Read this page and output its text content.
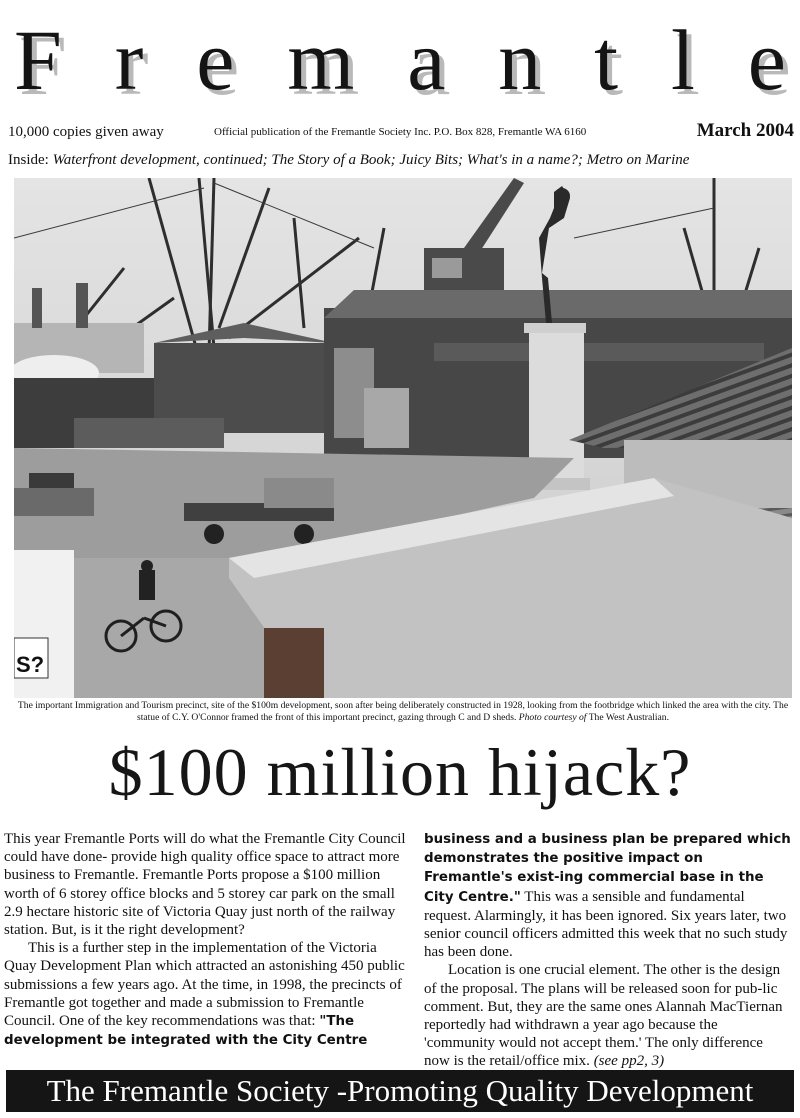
F r e m a n t l e
10,000 copies given away	Official publication of the Fremantle Society Inc. P.O. Box 828, Fremantle WA 6160	March 2004
Inside: Waterfront development, continued; The Story of a Book; Juicy Bits; What's in a name?; Metro on Marine
S?
The important Immigration and Tourism precinct, site of the $100m development, soon after being deliberately constructed in 1928, looking from the footbridge which linked the area with the city. The statue of C.Y. O'Connor framed the front of this important precinct, gazing through C and D sheds. Photo courtesy of The West Australian.
$100 million hijack?

This year Fremantle Ports will do what the Fremantle City Council could have done- provide high quality office space to attract more business to Fremantle. Fremantle Ports propose a $100 million worth of 6 storey office blocks and 5 storey car park on the small 2.9 hectare historic site of Victoria Quay just north of the railway station. But, is it the right development?

This is a further step in the implementation of the Victoria Quay Development Plan which attracted an astonishing 450 public submissions a few years ago. At the time, in 1998, the precincts of Fremantle got together and made a submission to Fremantle Council. One of the key recommendations was that: "The development be integrated with the City Centre

business and a business plan be prepared which demonstrates the positive impact on Fremantle's exist-ing commercial base in the City Centre." This was a sensible and fundamental request. Alarmingly, it has been ignored. Six years later, two senior council officers admitted this week that no such study has been done.

Location is one crucial element. The other is the design of the proposal. The plans will be released soon for pub-lic comment. But, they are the same ones Alannah MacTiernan reportedly had withdrawn a year ago because the 'community would not accept them.' The only difference now is the retail/office mix. (see pp2, 3)

The Fremantle Society -Promoting Quality Development
